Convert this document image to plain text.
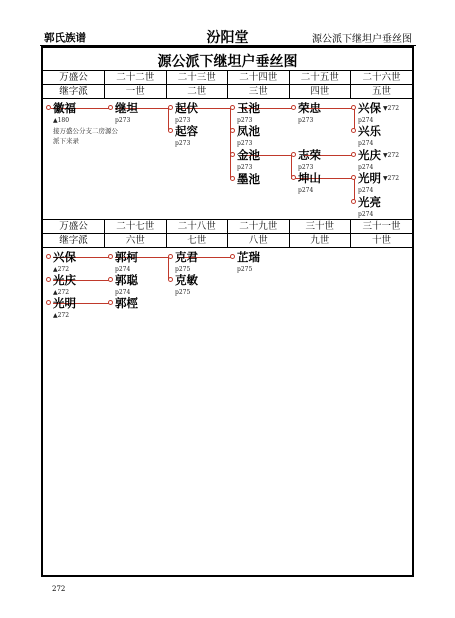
郭氏族谱	汾阳堂	源公派下继坦户垂丝图
源公派下继坦户垂丝图
万盛公	二十二世	二十三世	二十四世	二十五世	二十六世
继字派	一世	二世	三世	四世	五世
徽福
▲180
接万盛公分支二房源公派下来录
继坦
p273
起伏
p273
起容
p273
玉池
p273
凤池
p273
金池
p273
墨池
荣忠
p273
志荣
p273
坤山
p274
兴保 ▼272
p274
兴乐
p274
光庆 ▼272
p274
光明 ▼272
p274
光亮
p274
万盛公	二十七世	二十八世	二十九世	三十世	三十一世
继字派	六世	七世	八世	九世	十世
兴保
▲272
光庆
▲272
光明
▲272
郭柯
p274
郭聪
p274
郭桱
克君
p275
克敏
p275
芷瑞
p275
272
